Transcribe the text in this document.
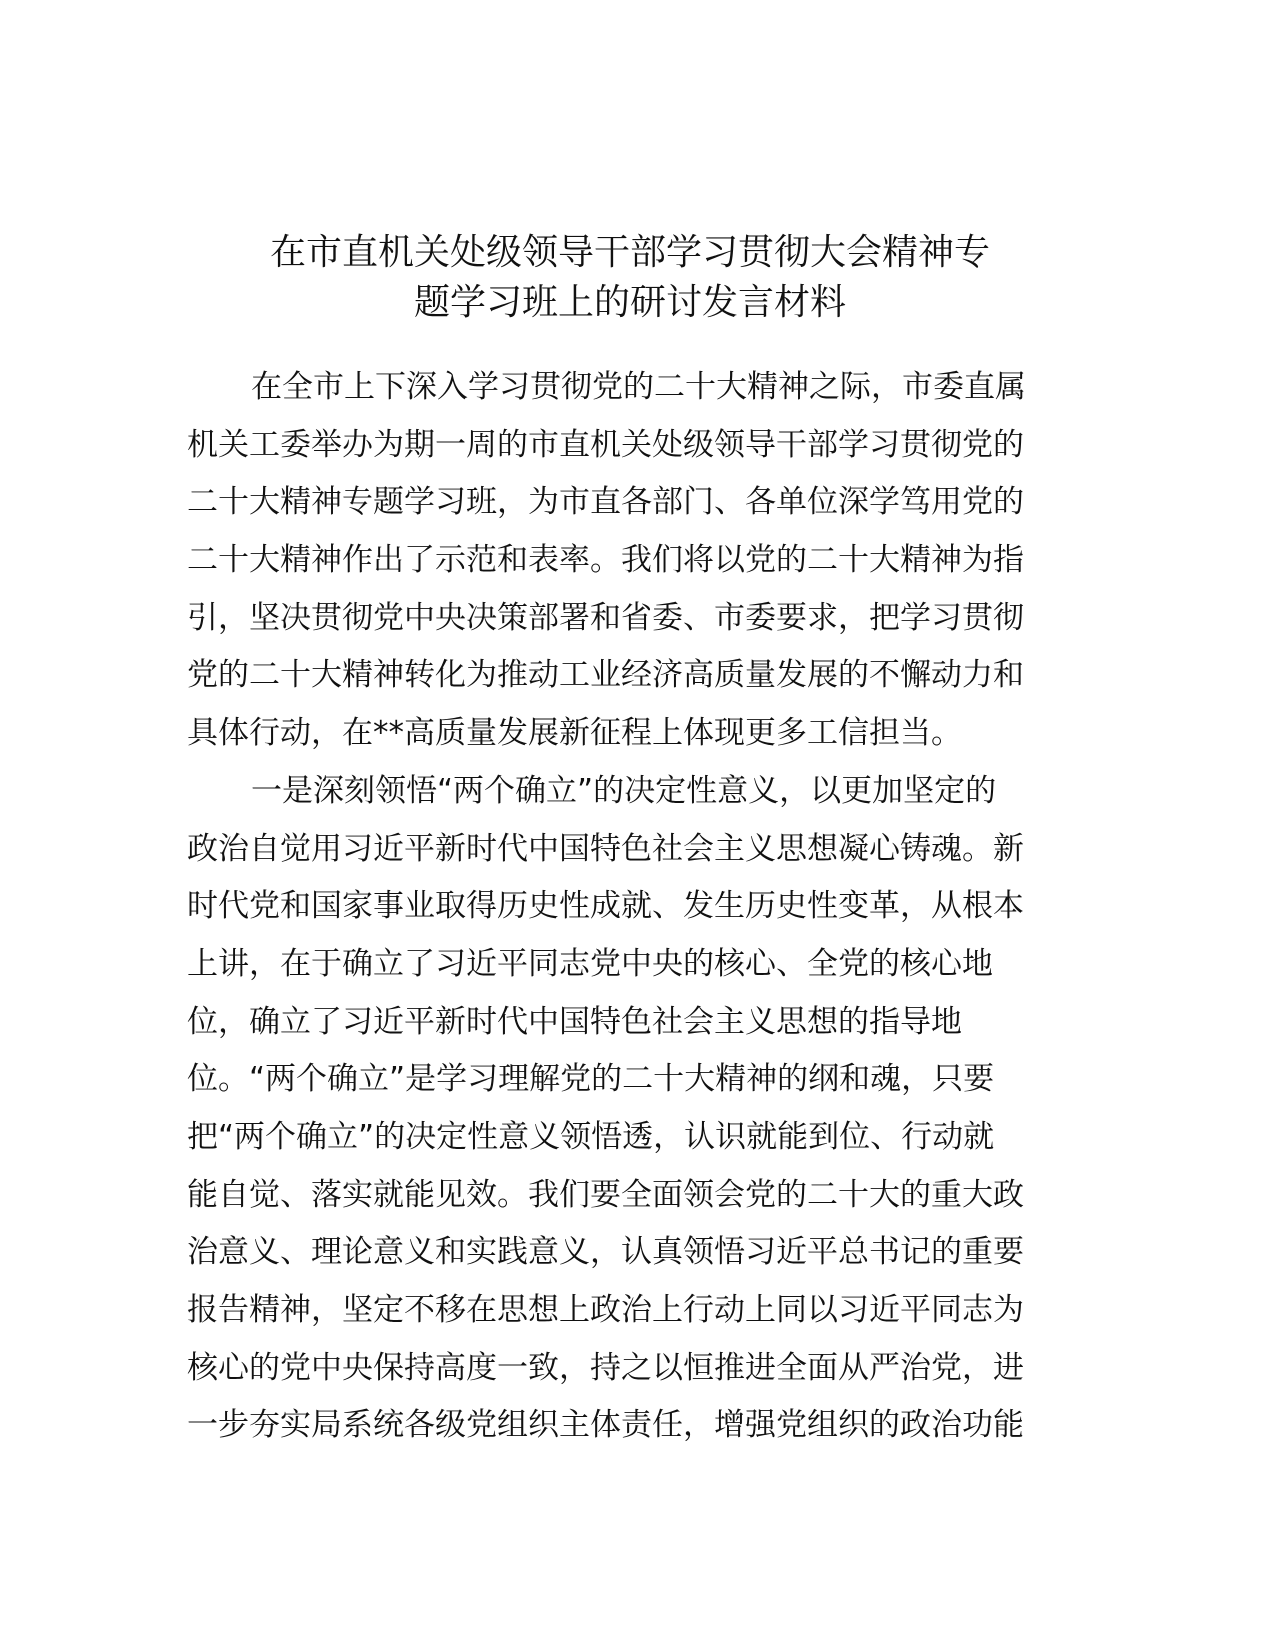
在市直机关处级领导干部学习贯彻大会精神专
题学习班上的研讨发言材料
在全市上下深入学习贯彻党的二十大精神之际，市委直属
机关工委举办为期一周的市直机关处级领导干部学习贯彻党的
二十大精神专题学习班，为市直各部门、各单位深学笃用党的
二十大精神作出了示范和表率。我们将以党的二十大精神为指
引，坚决贯彻党中央决策部署和省委、市委要求，把学习贯彻
党的二十大精神转化为推动工业经济高质量发展的不懈动力和
具体行动，在**高质量发展新征程上体现更多工信担当。
一是深刻领悟“两个确立”的决定性意义，以更加坚定的
政治自觉用习近平新时代中国特色社会主义思想凝心铸魂。新
时代党和国家事业取得历史性成就、发生历史性变革，从根本
上讲，在于确立了习近平同志党中央的核心、全党的核心地
位，确立了习近平新时代中国特色社会主义思想的指导地
位。“两个确立”是学习理解党的二十大精神的纲和魂，只要
把“两个确立”的决定性意义领悟透，认识就能到位、行动就
能自觉、落实就能见效。我们要全面领会党的二十大的重大政
治意义、理论意义和实践意义，认真领悟习近平总书记的重要
报告精神，坚定不移在思想上政治上行动上同以习近平同志为
核心的党中央保持高度一致，持之以恒推进全面从严治党，进
一步夯实局系统各级党组织主体责任，增强党组织的政治功能
